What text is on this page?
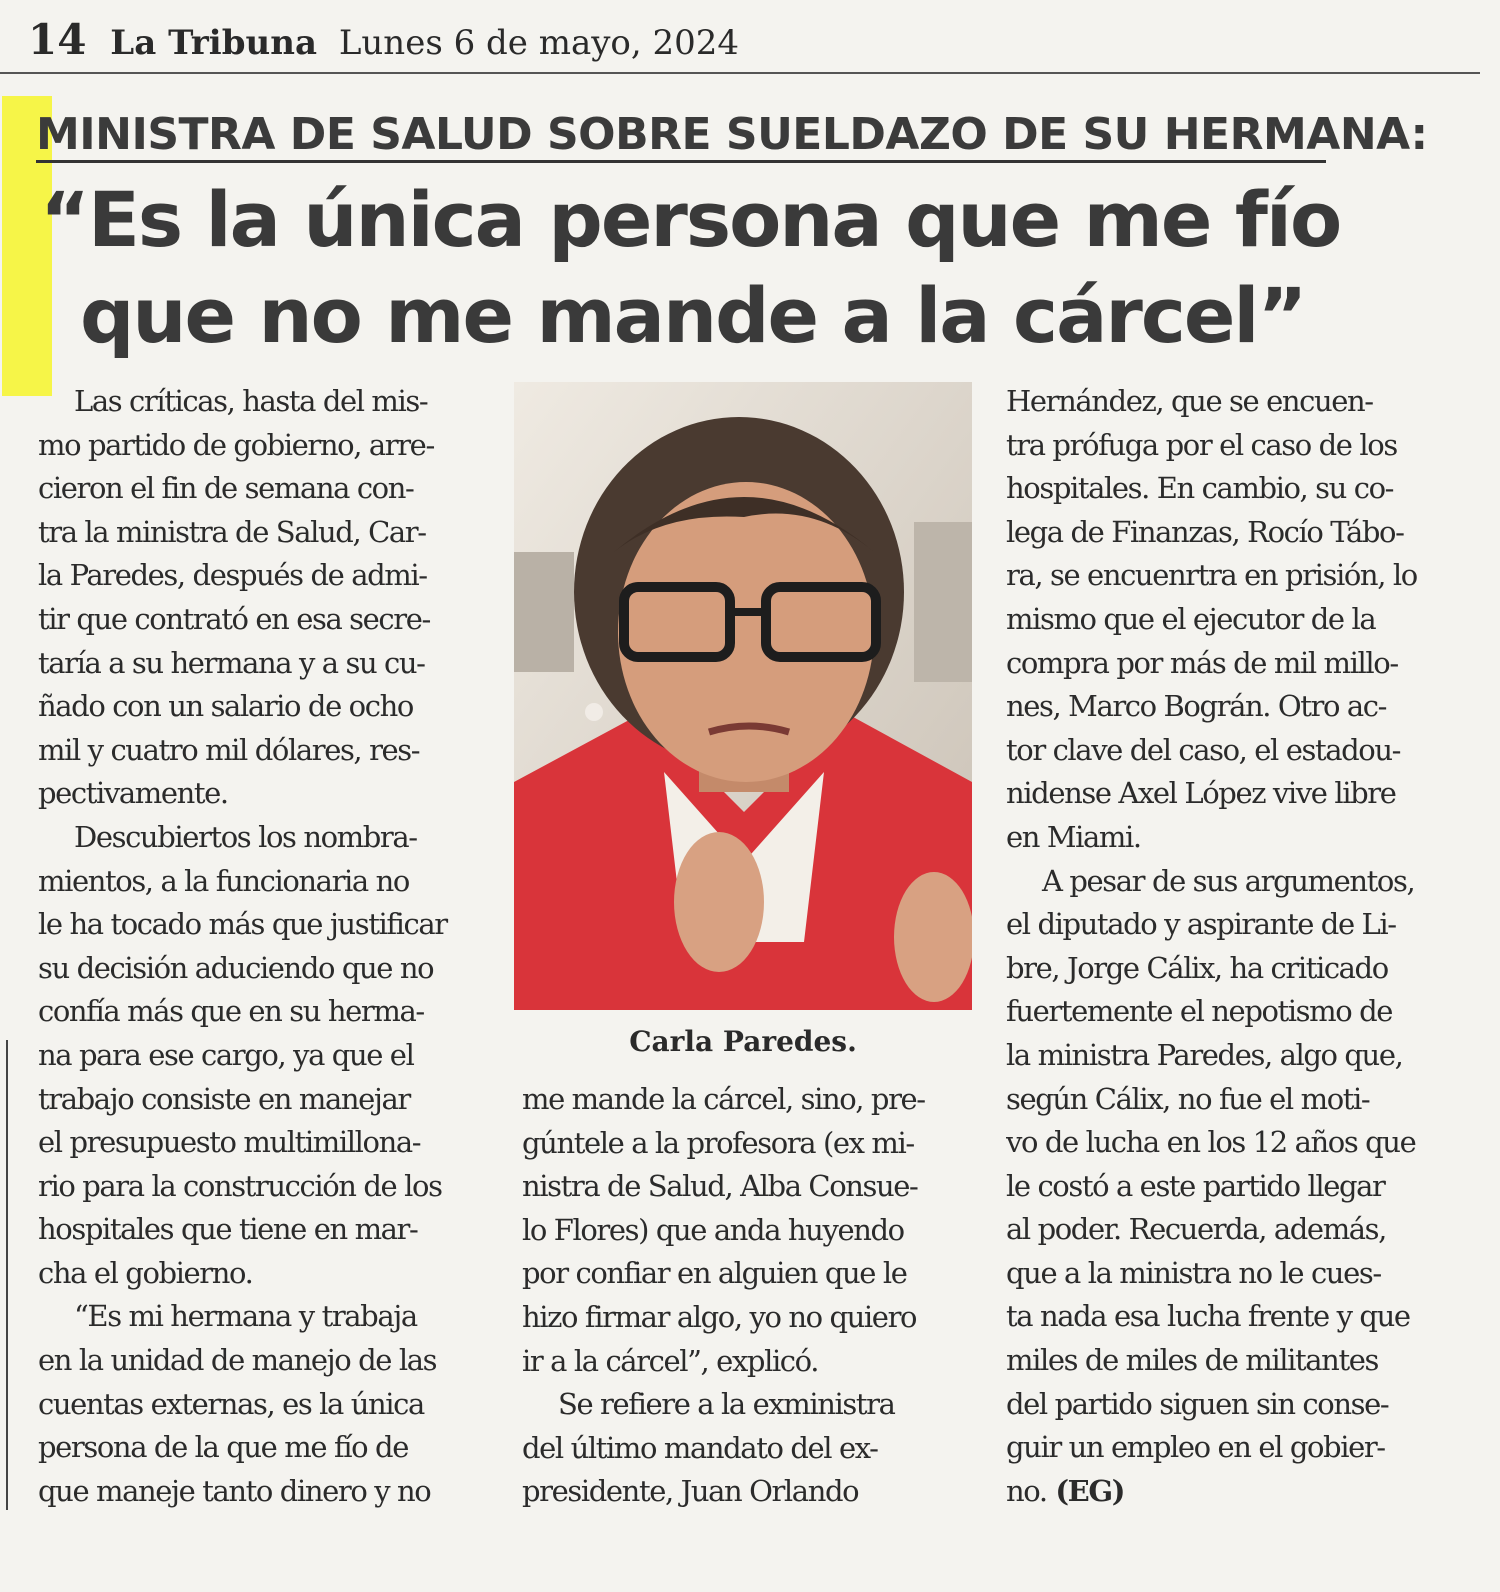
14 La Tribuna Lunes 6 de mayo, 2024
MINISTRA DE SALUD SOBRE SUELDAZO DE SU HERMANA:
“Es la única persona que me fío
que no me mande a la cárcel”
Las críticas, hasta del mis-
mo partido de gobierno, arre-
cieron el fin de semana con-
tra la ministra de Salud, Car-
la Paredes, después de admi-
tir que contrató en esa secre-
taría a su hermana y a su cu-
ñado con un salario de ocho
mil y cuatro mil dólares, res-
pectivamente.
Descubiertos los nombra-
mientos, a la funcionaria no
le ha tocado más que justificar
su decisión aduciendo que no
confía más que en su herma-
na para ese cargo, ya que el
trabajo consiste en manejar
el presupuesto multimillona-
rio para la construcción de los
hospitales que tiene en mar-
cha el gobierno.
“Es mi hermana y trabaja
en la unidad de manejo de las
cuentas externas, es la única
persona de la que me fío de
que maneje tanto dinero y no
Carla Paredes.
me mande la cárcel, sino, pre-
gúntele a la profesora (ex mi-
nistra de Salud, Alba Consue-
lo Flores) que anda huyendo
por confiar en alguien que le
hizo firmar algo, yo no quiero
ir a la cárcel”, explicó.
Se refiere a la exministra
del último mandato del ex-
presidente, Juan Orlando
Hernández, que se encuen-
tra prófuga por el caso de los
hospitales. En cambio, su co-
lega de Finanzas, Rocío Tábo-
ra, se encuenrtra en prisión, lo
mismo que el ejecutor de la
compra por más de mil millo-
nes, Marco Bográn. Otro ac-
tor clave del caso, el estadou-
nidense Axel López vive libre
en Miami.
A pesar de sus argumentos,
el diputado y aspirante de Li-
bre, Jorge Cálix, ha criticado
fuertemente el nepotismo de
la ministra Paredes, algo que,
según Cálix, no fue el moti-
vo de lucha en los 12 años que
le costó a este partido llegar
al poder. Recuerda, además,
que a la ministra no le cues-
ta nada esa lucha frente y que
miles de miles de militantes
del partido siguen sin conse-
guir un empleo en el gobier-
no. (EG)
